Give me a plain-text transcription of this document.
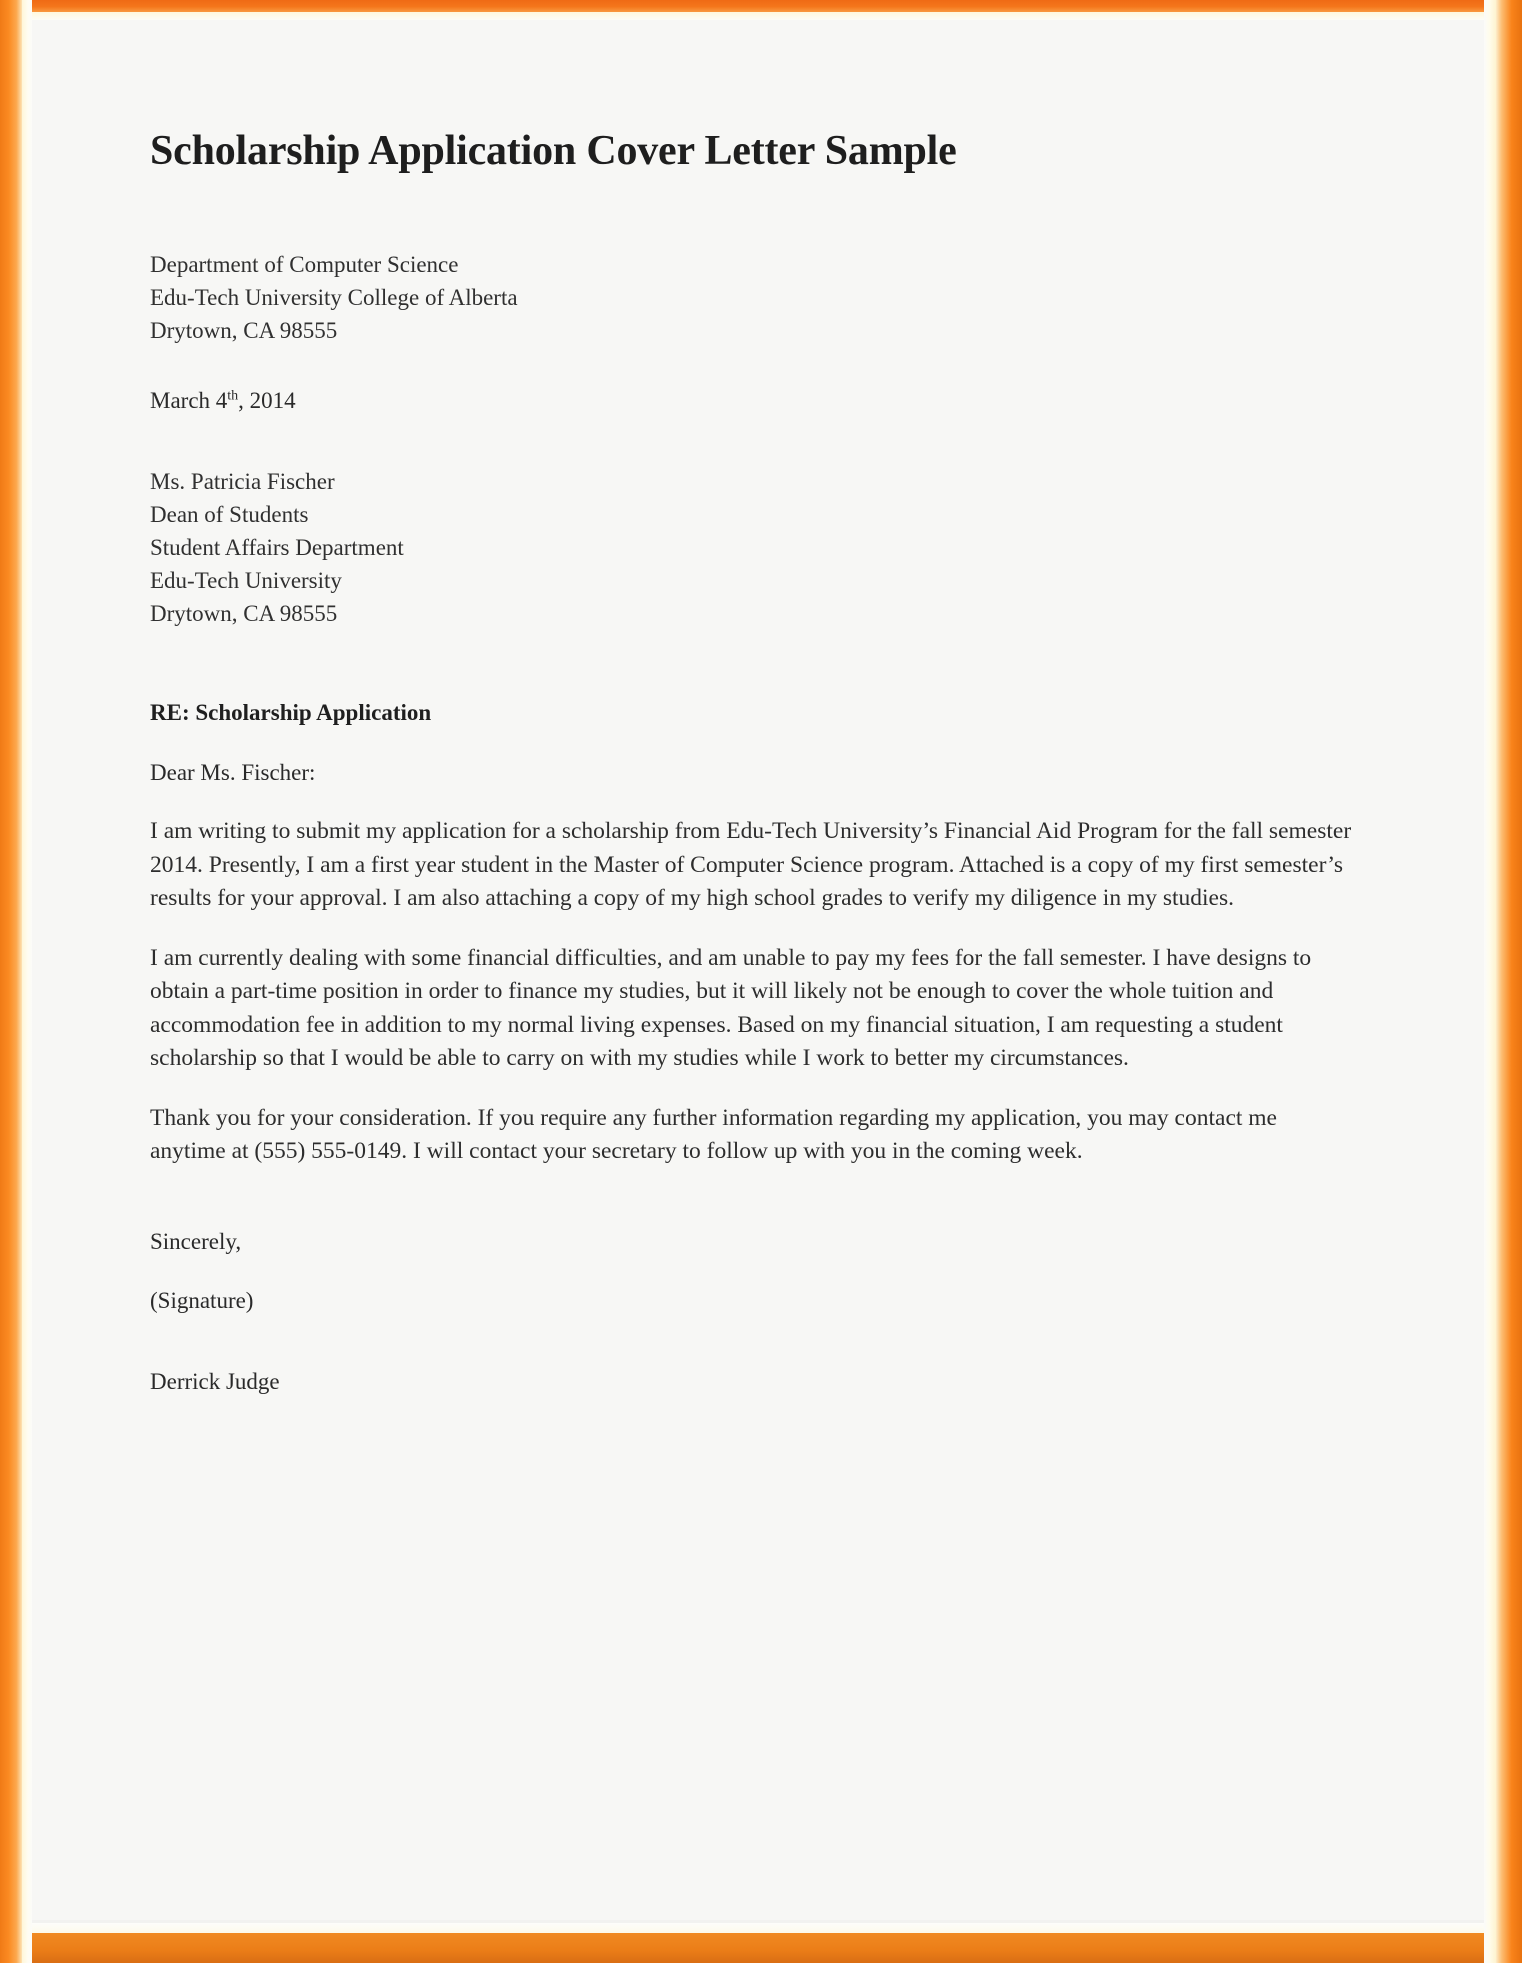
Scholarship Application Cover Letter Sample
Department of Computer Science
Edu-Tech University College of Alberta
Drytown, CA 98555
March 4th, 2014
Ms. Patricia Fischer
Dean of Students
Student Affairs Department
Edu-Tech University
Drytown, CA 98555
RE: Scholarship Application
Dear Ms. Fischer:

I am writing to submit my application for a scholarship from Edu-Tech University’s Financial Aid Program for the fall semester 2014. Presently, I am a first year student in the Master of Computer Science program. Attached is a copy of my first semester’s results for your approval. I am also attaching a copy of my high school grades to verify my diligence in my studies.

I am currently dealing with some financial difficulties, and am unable to pay my fees for the fall semester. I have designs to obtain a part-time position in order to finance my studies, but it will likely not be enough to cover the whole tuition and accommodation fee in addition to my normal living expenses. Based on my financial situation, I am requesting a student scholarship so that I would be able to carry on with my studies while I work to better my circumstances.

Thank you for your consideration. If you require any further information regarding my application, you may contact me anytime at (555) 555-0149. I will contact your secretary to follow up with you in the coming week.

Sincerely,
(Signature)
Derrick Judge
